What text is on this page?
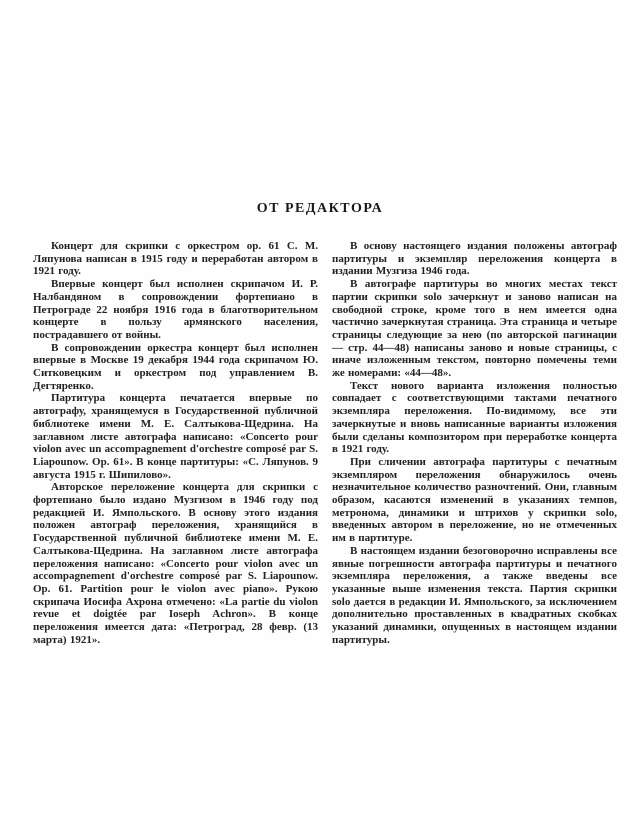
ОТ РЕДАКТОРА

Концерт для скрипки с оркестром ор. 61 С. М. Ляпунова написан в 1915 году и переработан автором в 1921 году.

Впервые концерт был исполнен скрипачом И. Р. Налбандяном в сопровождении фортепиано в Петрограде 22 ноября 1916 года в благотворительном концерте в пользу армянского населения, пострадавшего от войны.

В сопровождении оркестра концерт был исполнен впервые в Москве 19 декабря 1944 года скрипачом Ю. Ситковецким и оркестром под управлением В. Дегтяренко.

Партитура концерта печатается впервые по автографу, хранящемуся в Государственной публичной библиотеке имени М. Е. Салтыкова-Щедрина. На заглавном листе автографа написано: «Concerto pour violon avec un accompagnement d'orchestre composé par S. Liapounow. Op. 61». В конце партитуры: «С. Ляпунов. 9 августа 1915 г. Шипилово».

Авторское переложение концерта для скрипки с фортепиано было издано Музгизом в 1946 году под редакцией И. Ямпольского. В основу этого издания положен автограф переложения, хранящийся в Государственной публичной библиотеке имени М. Е. Салтыкова-Щедрина. На заглавном листе автографа переложения написано: «Concerto pour violon avec un accompagnement d'orchestre composé par S. Liapounow. Op. 61. Partition pour le violon avec piano». Рукою скрипача Иосифа Ахрона отмечено: «La partie du violon revue et doigtée par Ioseph Achron». В конце переложения имеется дата: «Петроград, 28 февр. (13 марта) 1921».

В основу настоящего издания положены автограф партитуры и экземпляр переложения концерта в издании Музгиза 1946 года.

В автографе партитуры во многих местах текст партии скрипки solo зачеркнут и заново написан на свободной строке, кроме того в нем имеется одна частично зачеркнутая страница. Эта страница и четыре страницы следующие за нею (по авторской пагинации — стр. 44—48) написаны заново и новые страницы, с иначе изложенным текстом, повторно помечены теми же номерами: «44—48».

Текст нового варианта изложения полностью совпадает с соответствующими тактами печатного экземпляра переложения. По-видимому, все эти зачеркнутые и вновь написанные варианты изложения были сделаны композитором при переработке концерта в 1921 году.

При сличении автографа партитуры с печатным экземпляром переложения обнаружилось очень незначительное количество разночтений. Они, главным образом, касаются изменений в указаниях темпов, метронома, динамики и штрихов у скрипки solo, введенных автором в переложение, но не отмеченных им в партитуре.

В настоящем издании безоговорочно исправлены все явные погрешности автографа партитуры и печатного экземпляра переложения, а также введены все указанные выше изменения текста. Партия скрипки solo дается в редакции И. Ямпольского, за исключением дополнительно проставленных в квадратных скобках указаний динамики, опущенных в настоящем издании партитуры.
